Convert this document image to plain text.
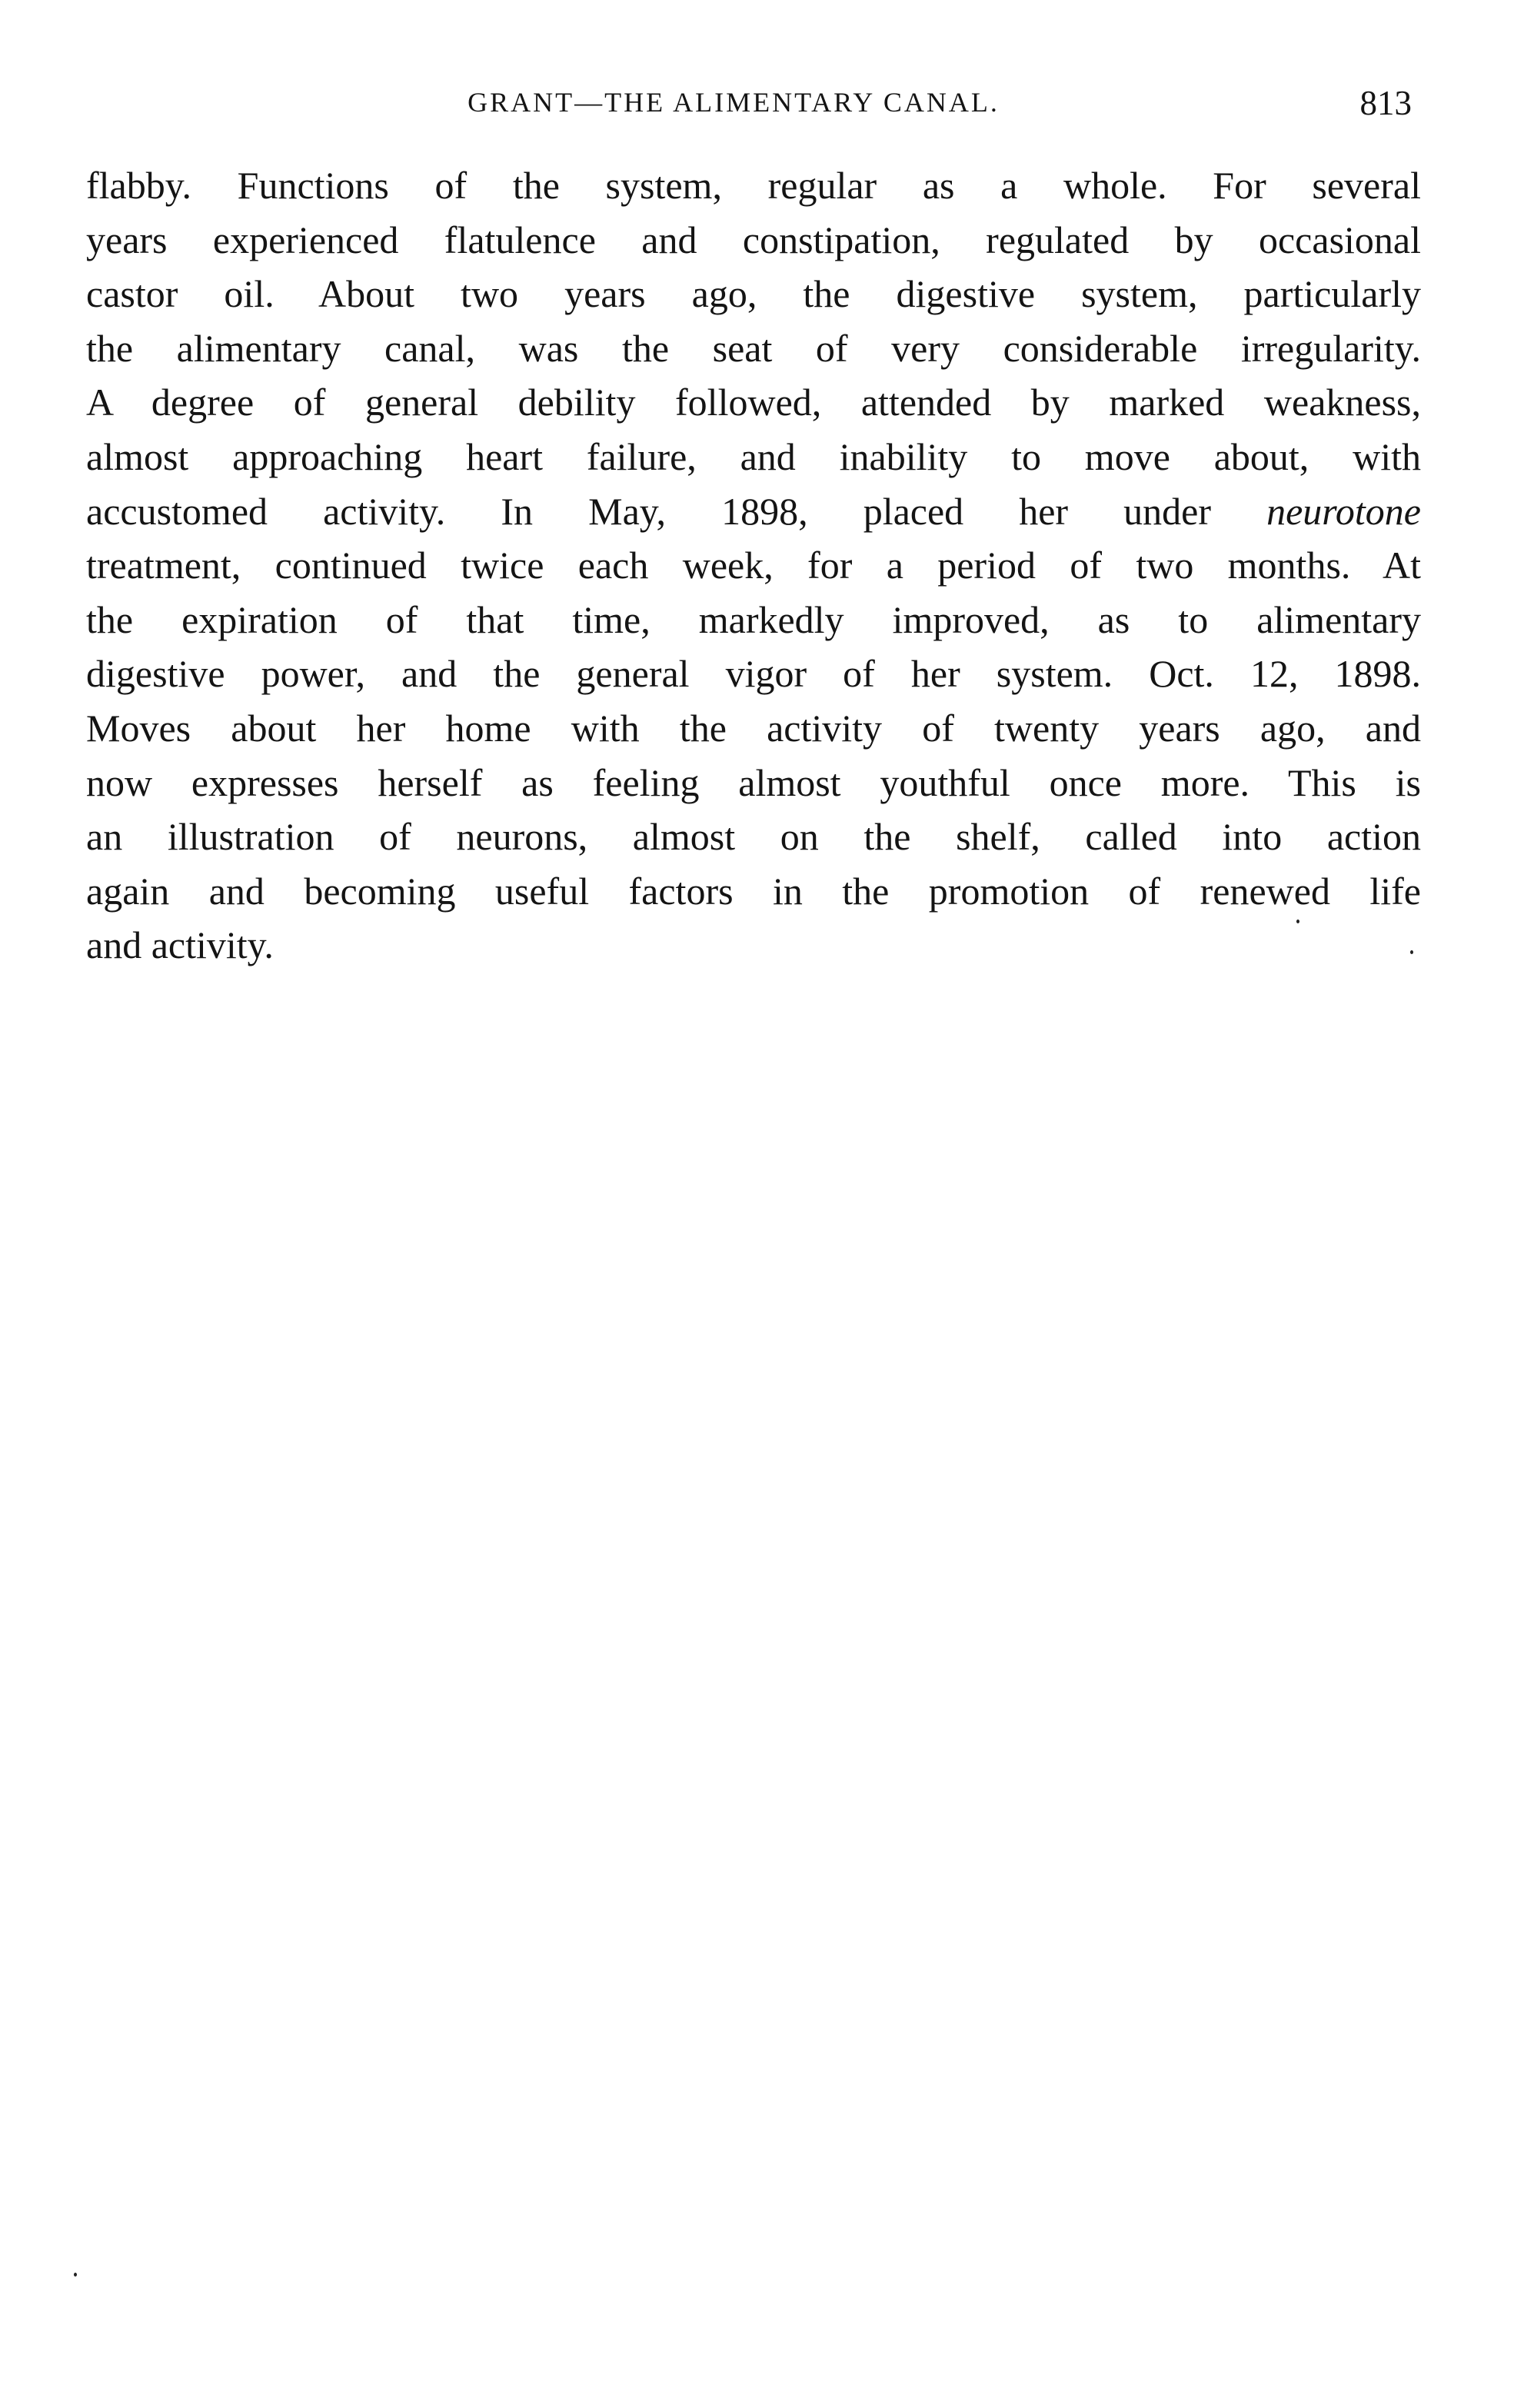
GRANT—THE ALIMENTARY CANAL.	813
flabby. Functions of the system, regular as a whole. For several
years experienced flatulence and constipation, regulated by occasional
castor oil. About two years ago, the digestive system, particularly
the alimentary canal, was the seat of very considerable irregularity.
A degree of general debility followed, attended by marked weakness,
almost approaching heart failure, and inability to move about, with
accustomed activity. In May, 1898, placed her under neurotone
treatment, continued twice each week, for a period of two months. At
the expiration of that time, markedly improved, as to alimentary
digestive power, and the general vigor of her system. Oct. 12, 1898.
Moves about her home with the activity of twenty years ago, and
now expresses herself as feeling almost youthful once more. This is
an illustration of neurons, almost on the shelf, called into action
again and becoming useful factors in the promotion of renewed life
and activity.
